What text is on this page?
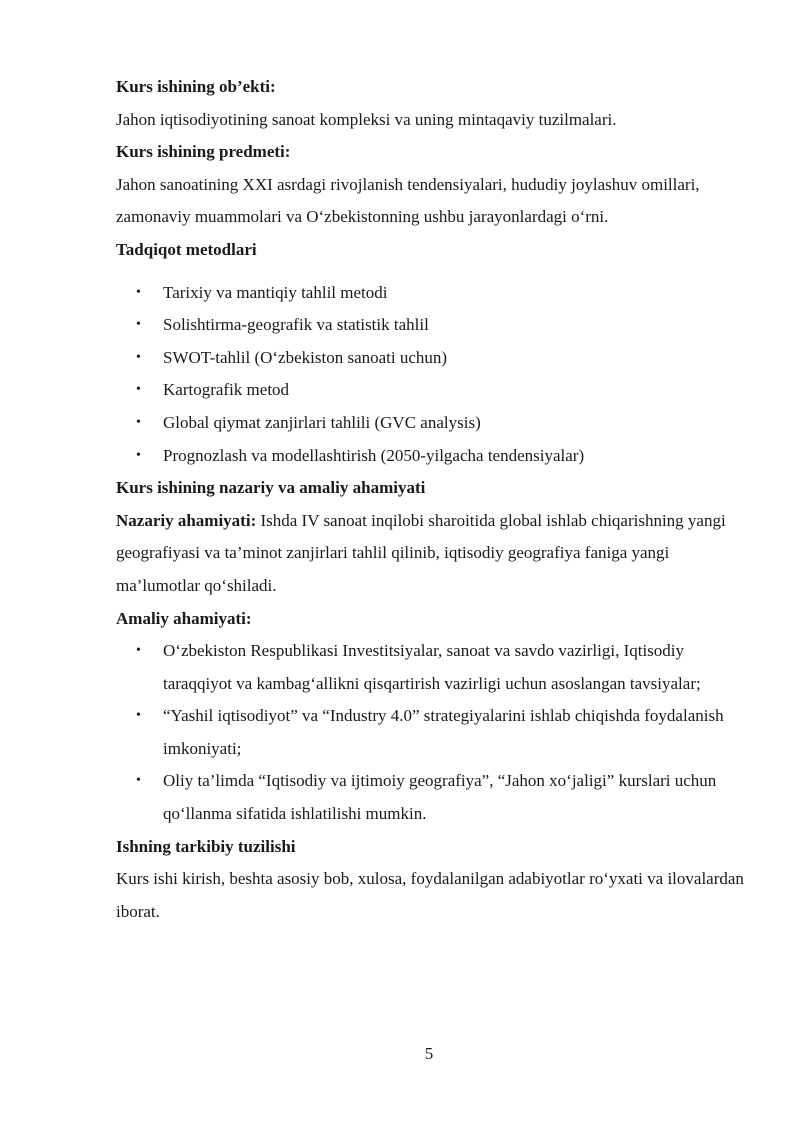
Kurs ishining ob’ekti:

Jahon iqtisodiyotining sanoat kompleksi va uning mintaqaviy tuzilmalari.

Kurs ishining predmeti:

Jahon sanoatining XXI asrdagi rivojlanish tendensiyalari, hududiy joylashuv omillari, zamonaviy muammolari va O‘zbekistonning ushbu jarayonlardagi o‘rni.

Tadqiqot metodlari

• Tarixiy va mantiqiy tahlil metodi
• Solishtirma-geografik va statistik tahlil
• SWOT-tahlil (O‘zbekiston sanoati uchun)
• Kartografik metod
• Global qiymat zanjirlari tahlili (GVC analysis)
• Prognozlash va modellashtirish (2050-yilgacha tendensiyalar)

Kurs ishining nazariy va amaliy ahamiyati

Nazariy ahamiyati: Ishda IV sanoat inqilobi sharoitida global ishlab chiqarishning yangi geografiyasi va ta’minot zanjirlari tahlil qilinib, iqtisodiy geografiya faniga yangi ma’lumotlar qo‘shiladi.

Amaliy ahamiyati:

• O‘zbekiston Respublikasi Investitsiyalar, sanoat va savdo vazirligi, Iqtisodiy taraqqiyot va kambag‘allikni qisqartirish vazirligi uchun asoslangan tavsiyalar;
• “Yashil iqtisodiyot” va “Industry 4.0” strategiyalarini ishlab chiqishda foydalanish imkoniyati;
• Oliy ta’limda “Iqtisodiy va ijtimoiy geografiya”, “Jahon xo‘jaligi” kurslari uchun qo‘llanma sifatida ishlatilishi mumkin.

Ishning tarkibiy tuzilishi

Kurs ishi kirish, beshta asosiy bob, xulosa, foydalanilgan adabiyotlar ro‘yxati va ilovalardan iborat.

5
